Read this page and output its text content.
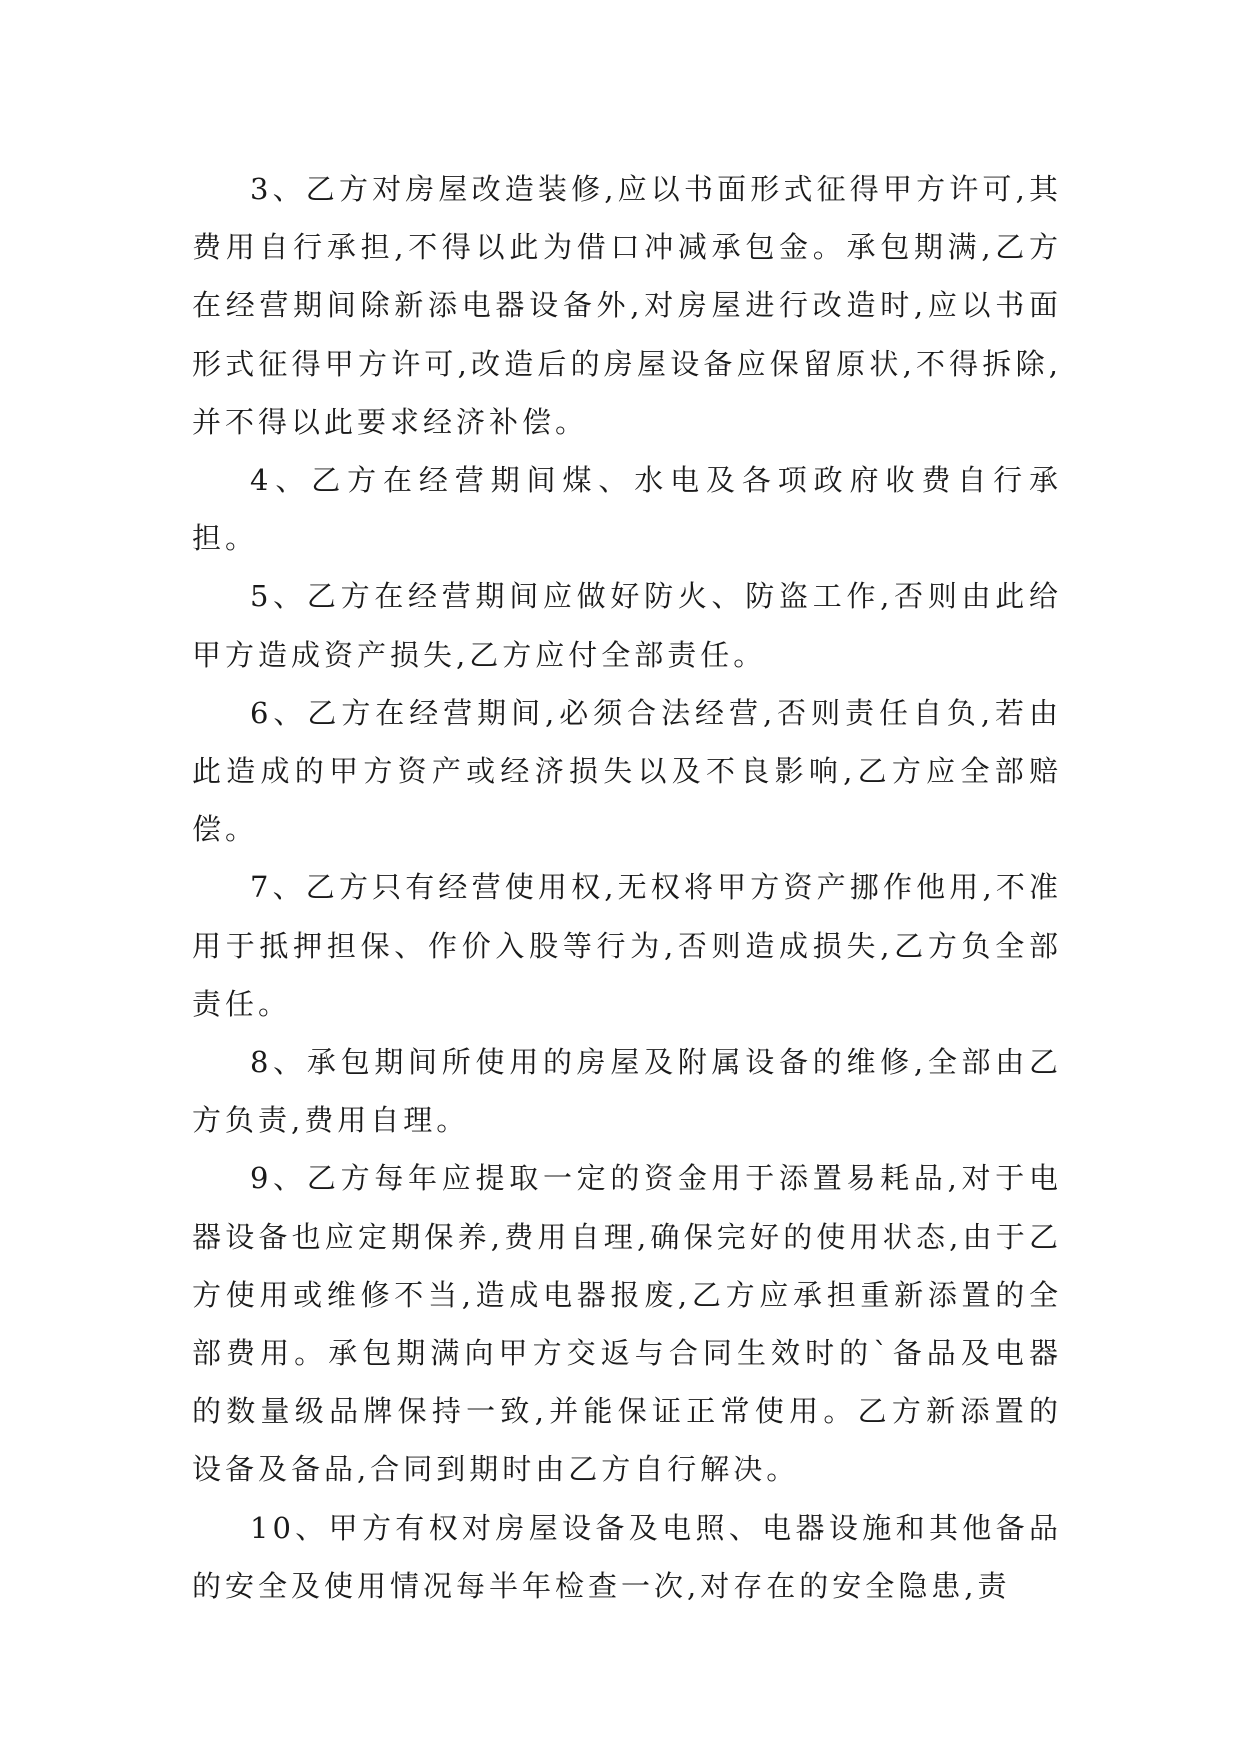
3、乙方对房屋改造装修,应以书面形式征得甲方许可,其费用自行承担,不得以此为借口冲减承包金。承包期满,乙方在经营期间除新添电器设备外,对房屋进行改造时,应以书面形式征得甲方许可,改造后的房屋设备应保留原状,不得拆除,并不得以此要求经济补偿。

4、乙方在经营期间煤、水电及各项政府收费自行承担。

5、乙方在经营期间应做好防火、防盗工作,否则由此给甲方造成资产损失,乙方应付全部责任。

6、乙方在经营期间,必须合法经营,否则责任自负,若由此造成的甲方资产或经济损失以及不良影响,乙方应全部赔偿。

7、乙方只有经营使用权,无权将甲方资产挪作他用,不准用于抵押担保、作价入股等行为,否则造成损失,乙方负全部责任。

8、承包期间所使用的房屋及附属设备的维修,全部由乙方负责,费用自理。

9、乙方每年应提取一定的资金用于添置易耗品,对于电器设备也应定期保养,费用自理,确保完好的使用状态,由于乙方使用或维修不当,造成电器报废,乙方应承担重新添置的全部费用。承包期满向甲方交返与合同生效时的`备品及电器的数量级品牌保持一致,并能保证正常使用。乙方新添置的设备及备品,合同到期时由乙方自行解决。

10、甲方有权对房屋设备及电照、电器设施和其他备品的安全及使用情况每半年检查一次,对存在的安全隐患,责
